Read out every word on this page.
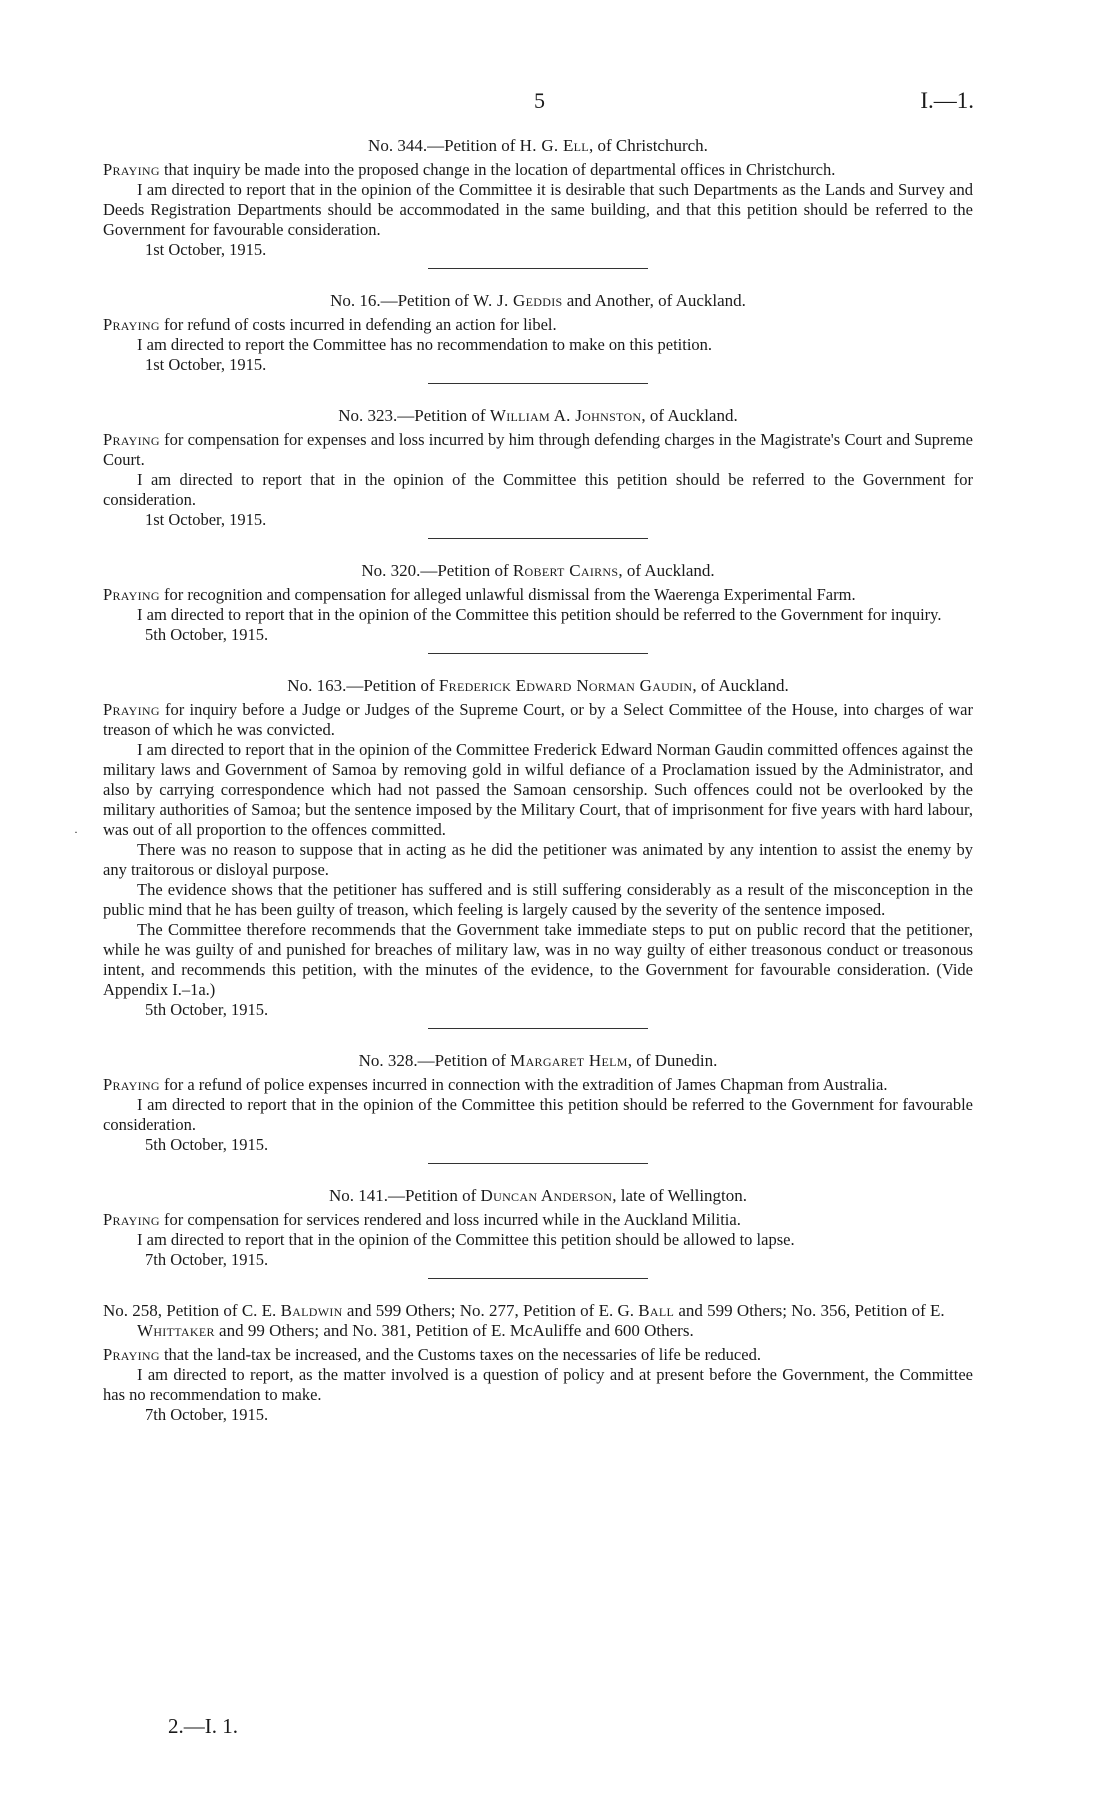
5	I.—1.
·
No. 344.—Petition of H. G. Ell, of Christchurch.

Praying that inquiry be made into the proposed change in the location of departmental offices in Christchurch.

I am directed to report that in the opinion of the Committee it is desirable that such Departments as the Lands and Survey and Deeds Registration Departments should be accommodated in the same building, and that this petition should be referred to the Government for favourable consideration.

1st October, 1915.

No. 16.—Petition of W. J. Geddis and Another, of Auckland.

Praying for refund of costs incurred in defending an action for libel.

I am directed to report the Committee has no recommendation to make on this petition.

1st October, 1915.

No. 323.—Petition of William A. Johnston, of Auckland.

Praying for compensation for expenses and loss incurred by him through defending charges in the Magistrate's Court and Supreme Court.

I am directed to report that in the opinion of the Committee this petition should be referred to the Government for consideration.

1st October, 1915.

No. 320.—Petition of Robert Cairns, of Auckland.

Praying for recognition and compensation for alleged unlawful dismissal from the Waerenga Experimental Farm.

I am directed to report that in the opinion of the Committee this petition should be referred to the Government for inquiry.

5th October, 1915.

No. 163.—Petition of Frederick Edward Norman Gaudin, of Auckland.

Praying for inquiry before a Judge or Judges of the Supreme Court, or by a Select Committee of the House, into charges of war treason of which he was convicted.

I am directed to report that in the opinion of the Committee Frederick Edward Norman Gaudin committed offences against the military laws and Government of Samoa by removing gold in wilful defiance of a Proclamation issued by the Administrator, and also by carrying correspondence which had not passed the Samoan censorship. Such offences could not be overlooked by the military authorities of Samoa; but the sentence imposed by the Military Court, that of imprisonment for five years with hard labour, was out of all proportion to the offences committed.

There was no reason to suppose that in acting as he did the petitioner was animated by any intention to assist the enemy by any traitorous or disloyal purpose.

The evidence shows that the petitioner has suffered and is still suffering considerably as a result of the misconception in the public mind that he has been guilty of treason, which feeling is largely caused by the severity of the sentence imposed.

The Committee therefore recommends that the Government take immediate steps to put on public record that the petitioner, while he was guilty of and punished for breaches of military law, was in no way guilty of either treasonous conduct or treasonous intent, and recommends this petition, with the minutes of the evidence, to the Government for favourable consideration. (Vide Appendix I.–1a.)

5th October, 1915.

No. 328.—Petition of Margaret Helm, of Dunedin.

Praying for a refund of police expenses incurred in connection with the extradition of James Chapman from Australia.

I am directed to report that in the opinion of the Committee this petition should be referred to the Government for favourable consideration.

5th October, 1915.

No. 141.—Petition of Duncan Anderson, late of Wellington.

Praying for compensation for services rendered and loss incurred while in the Auckland Militia.

I am directed to report that in the opinion of the Committee this petition should be allowed to lapse.

7th October, 1915.

No. 258, Petition of C. E. Baldwin and 599 Others; No. 277, Petition of E. G. Ball and 599 Others; No. 356, Petition of E. Whittaker and 99 Others; and No. 381, Petition of E. McAuliffe and 600 Others.

Praying that the land-tax be increased, and the Customs taxes on the necessaries of life be reduced.

I am directed to report, as the matter involved is a question of policy and at present before the Government, the Committee has no recommendation to make.

7th October, 1915.

2.—I. 1.
